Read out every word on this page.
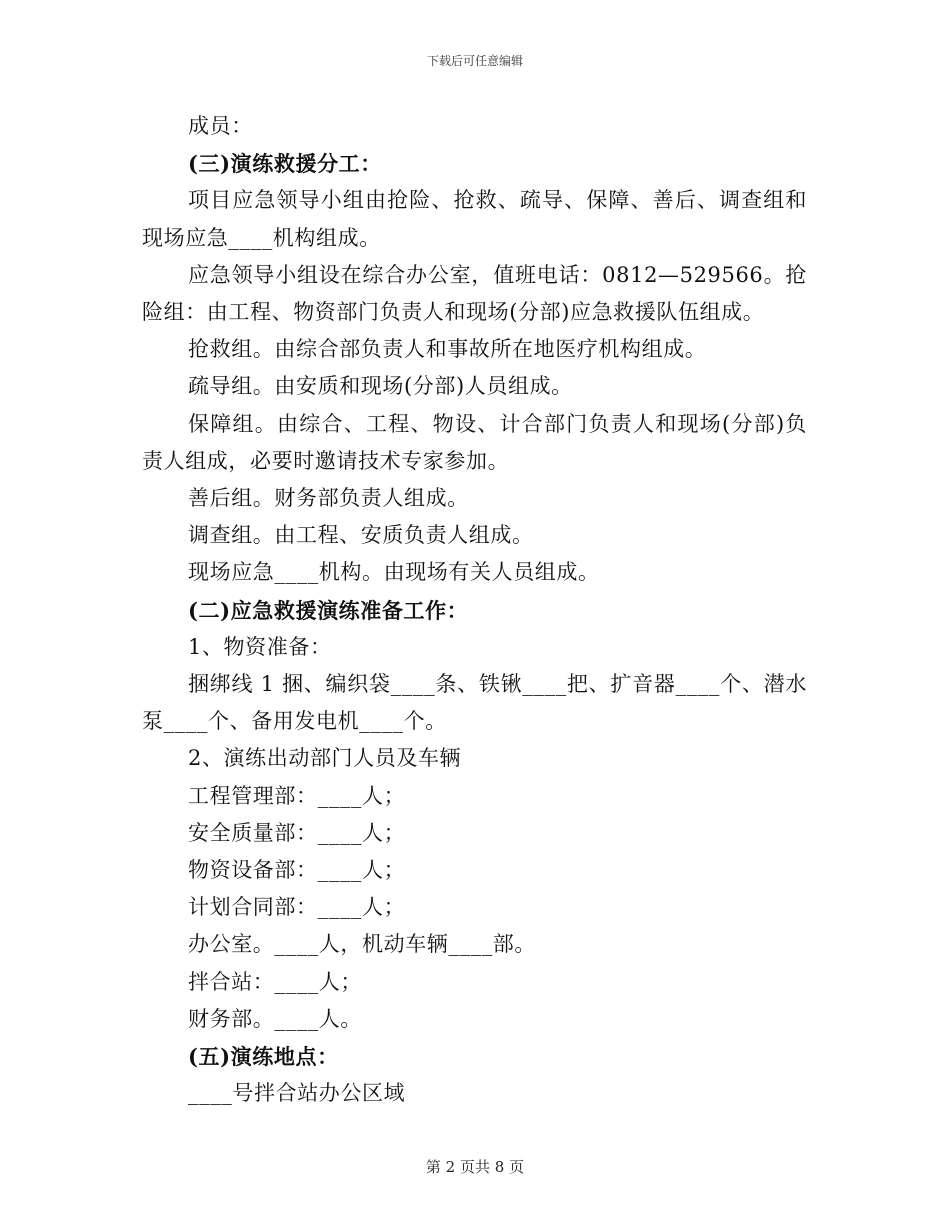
下载后可任意编辑

成员：

(三)演练救援分工：

项目应急领导小组由抢险、抢救、疏导、保障、善后、调查组和现场应急____机构组成。

应急领导小组设在综合办公室，值班电话：0812—529566。抢险组：由工程、物资部门负责人和现场(分部)应急救援队伍组成。

抢救组。由综合部负责人和事故所在地医疗机构组成。

疏导组。由安质和现场(分部)人员组成。

保障组。由综合、工程、物设、计合部门负责人和现场(分部)负责人组成，必要时邀请技术专家参加。

善后组。财务部负责人组成。

调查组。由工程、安质负责人组成。

现场应急____机构。由现场有关人员组成。

(二)应急救援演练准备工作：

1、物资准备：

捆绑线 1 捆、编织袋____条、铁锹____把、扩音器____个、潜水泵____个、备用发电机____个。

2、演练出动部门人员及车辆

工程管理部：____人；

安全质量部：____人；

物资设备部：____人；

计划合同部：____人；

办公室。____人，机动车辆____部。

拌合站：____人；

财务部。____人。

(五)演练地点：

____号拌合站办公区域

第 2 页共 8 页
